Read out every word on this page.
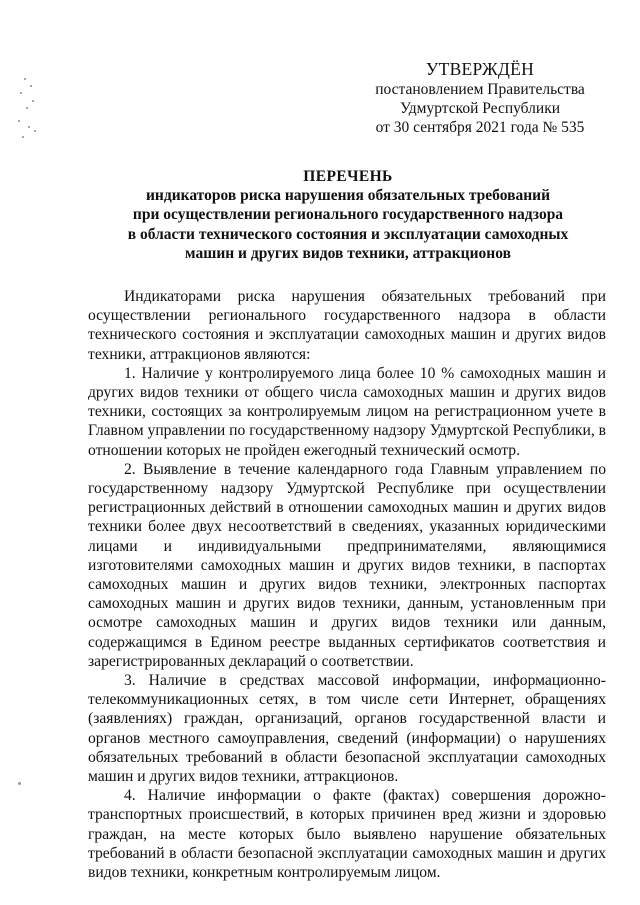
УТВЕРЖДЁН
постановлением Правительства
Удмуртской Республики
от 30 сентября 2021 года № 535
ПЕРЕЧЕНЬ
индикаторов риска нарушения обязательных требований
при осуществлении регионального государственного надзора
в области технического состояния и эксплуатации самоходных
машин и других видов техники, аттракционов

Индикаторами риска нарушения обязательных требований при осуществлении регионального государственного надзора в области технического состояния и эксплуатации самоходных машин и других видов техники, аттракционов являются:

1. Наличие у контролируемого лица более 10 % самоходных машин и других видов техники от общего числа самоходных машин и других видов техники, состоящих за контролируемым лицом на регистрационном учете в Главном управлении по государственному надзору Удмуртской Республики, в отношении которых не пройден ежегодный технический осмотр.

2. Выявление в течение календарного года Главным управлением по государственному надзору Удмуртской Республике при осуществлении регистрационных действий в отношении самоходных машин и других видов техники более двух несоответствий в сведениях, указанных юридическими лицами и индивидуальными предпринимателями, являющимися изготовителями самоходных машин и других видов техники, в паспортах самоходных машин и других видов техники, электронных паспортах самоходных машин и других видов техники, данным, установленным при осмотре самоходных машин и других видов техники или данным, содержащимся в Едином реестре выданных сертификатов соответствия и зарегистрированных деклараций о соответствии.

3. Наличие в средствах массовой информации, информационно-телекоммуникационных сетях, в том числе сети Интернет, обращениях (заявлениях) граждан, организаций, органов государственной власти и органов местного самоуправления, сведений (информации) о нарушениях обязательных требований в области безопасной эксплуатации самоходных машин и других видов техники, аттракционов.

4. Наличие информации о факте (фактах) совершения дорожно-транспортных происшествий, в которых причинен вред жизни и здоровью граждан, на месте которых было выявлено нарушение обязательных требований в области безопасной эксплуатации самоходных машин и других видов техники, конкретным контролируемым лицом.
